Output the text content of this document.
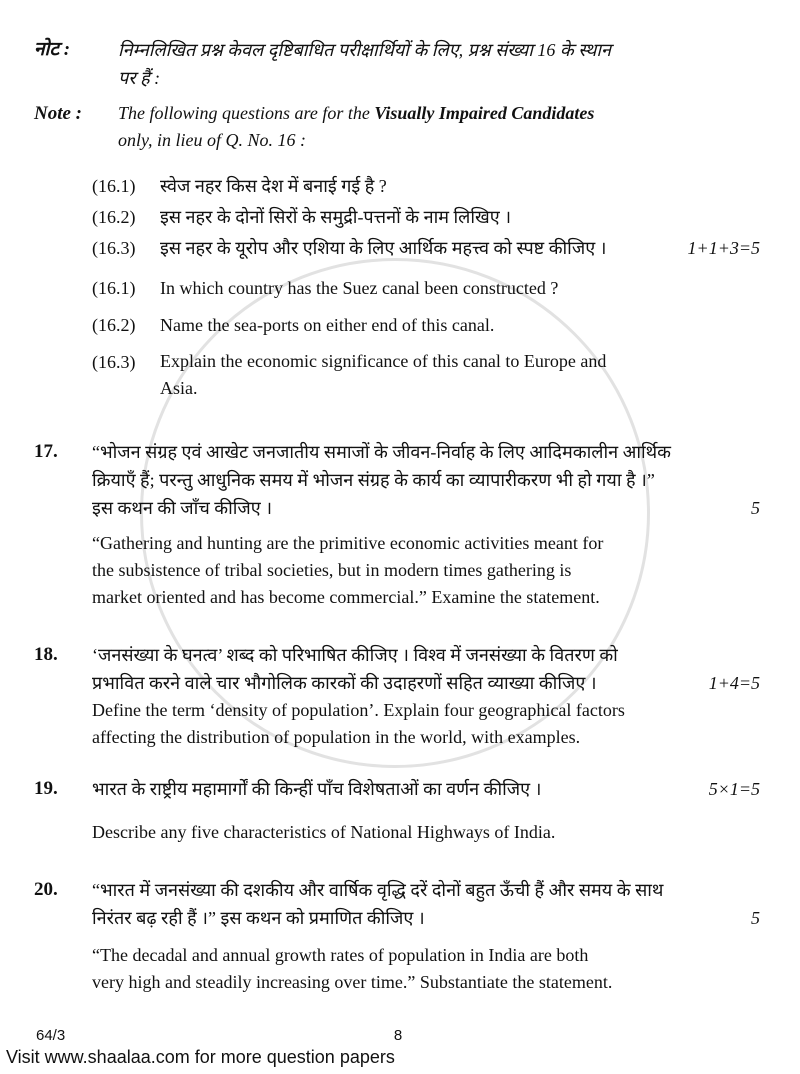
नोट :	निम्नलिखित प्रश्न केवल दृष्टिबाधित परीक्षार्थियों के लिए, प्रश्न संख्या 16 के स्थान
पर हैं :
Note :	The following questions are for the Visually Impaired Candidates
only, in lieu of Q. No. 16 :
(16.1)	स्वेज नहर किस देश में बनाई गई है ?
(16.2)	इस नहर के दोनों सिरों के समुद्री-पत्तनों के नाम लिखिए ।
(16.3)	इस नहर के यूरोप और एशिया के लिए आर्थिक महत्त्व को स्पष्ट कीजिए ।	1+1+3=5
(16.1)	In which country has the Suez canal been constructed ?
(16.2)	Name the sea-ports on either end of this canal.
(16.3)	Explain the economic significance of this canal to Europe and
Asia.
17.	“भोजन संग्रह एवं आखेट जनजातीय समाजों के जीवन-निर्वाह के लिए आदिमकालीन आर्थिक
क्रियाएँ हैं; परन्तु आधुनिक समय में भोजन संग्रह के कार्य का व्यापारीकरण भी हो गया है ।”
इस कथन की जाँच कीजिए ।	5
“Gathering and hunting are the primitive economic activities meant for
the subsistence of tribal societies, but in modern times gathering is
market oriented and has become commercial.” Examine the statement.
18.	‘जनसंख्या के घनत्व’ शब्द को परिभाषित कीजिए । विश्व में जनसंख्या के वितरण को
प्रभावित करने वाले चार भौगोलिक कारकों की उदाहरणों सहित व्याख्या कीजिए ।	1+4=5
Define the term ‘density of population’. Explain four geographical factors
affecting the distribution of population in the world, with examples.
19.	भारत के राष्ट्रीय महामार्गों की किन्हीं पाँच विशेषताओं का वर्णन कीजिए ।	5×1=5
Describe any five characteristics of National Highways of India.
20.	“भारत में जनसंख्या की दशकीय और वार्षिक वृद्धि दरें दोनों बहुत ऊँची हैं और समय के साथ
निरंतर बढ़ रही हैं ।” इस कथन को प्रमाणित कीजिए ।	5
“The decadal and annual growth rates of population in India are both
very high and steadily increasing over time.” Substantiate the statement.
64/3	8
Visit www.shaalaa.com for more question papers
